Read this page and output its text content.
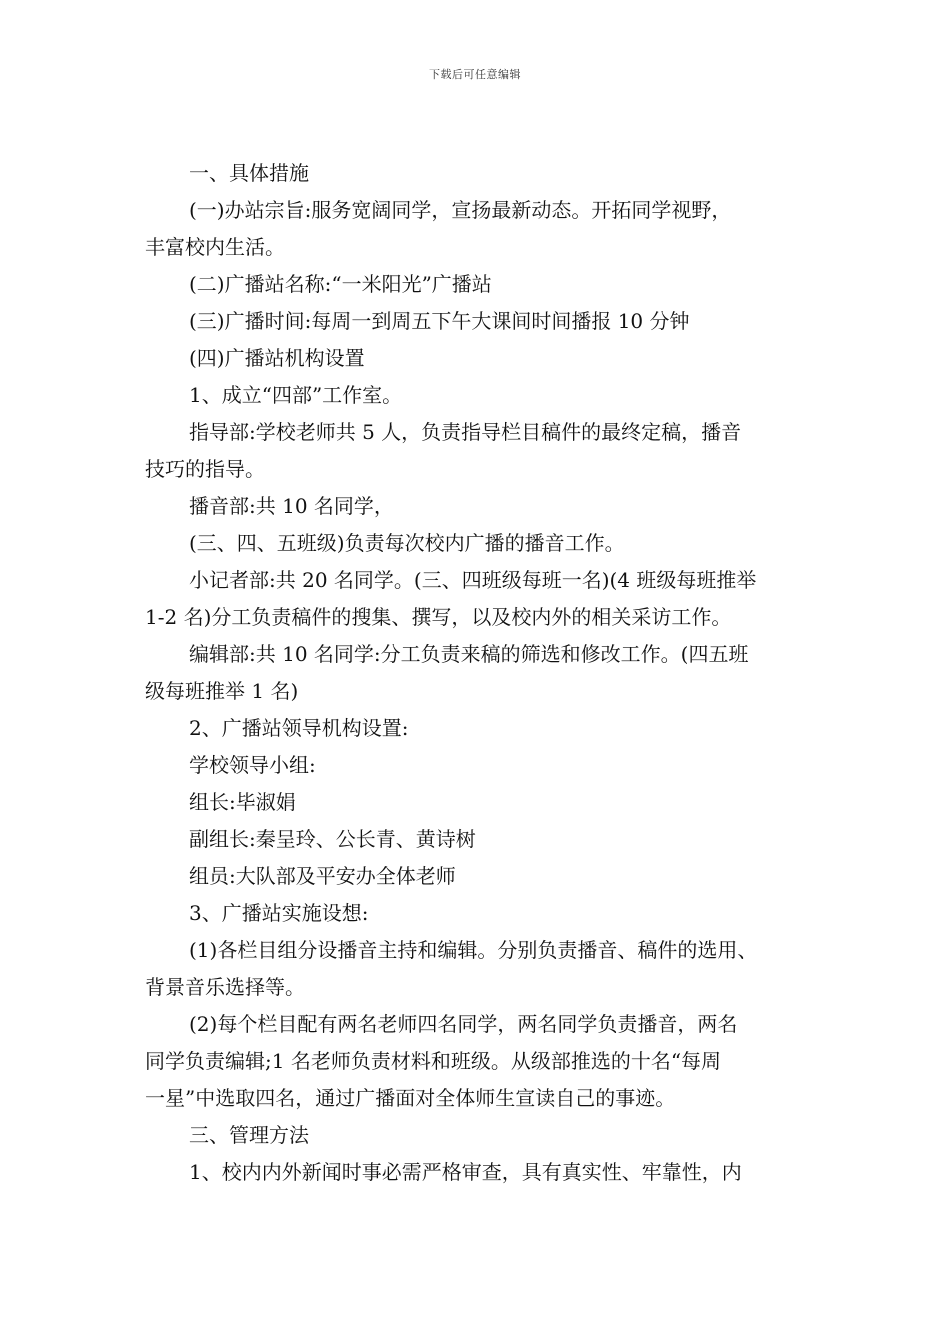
下载后可任意编辑
一、具体措施
(一)办站宗旨:服务宽阔同学，宣扬最新动态。开拓同学视野，
丰富校内生活。
(二)广播站名称:“一米阳光”广播站
(三)广播时间:每周一到周五下午大课间时间播报 10 分钟
(四)广播站机构设置
1、成立“四部”工作室。
指导部:学校老师共 5 人，负责指导栏目稿件的最终定稿，播音
技巧的指导。
播音部:共 10 名同学，
(三、四、五班级)负责每次校内广播的播音工作。
小记者部:共 20 名同学。(三、四班级每班一名)(4 班级每班推举
1-2 名)分工负责稿件的搜集、撰写，以及校内外的相关采访工作。
编辑部:共 10 名同学:分工负责来稿的筛选和修改工作。(四五班
级每班推举 1 名)
2、广播站领导机构设置:
学校领导小组:
组长:毕淑娟
副组长:秦呈玲、公长青、黄诗树
组员:大队部及平安办全体老师
3、广播站实施设想:
(1)各栏目组分设播音主持和编辑。分别负责播音、稿件的选用、
背景音乐选择等。
(2)每个栏目配有两名老师四名同学，两名同学负责播音，两名
同学负责编辑;1 名老师负责材料和班级。从级部推选的十名“每周
一星”中选取四名，通过广播面对全体师生宣读自己的事迹。
三、管理方法
1、校内内外新闻时事必需严格审查，具有真实性、牢靠性，内
